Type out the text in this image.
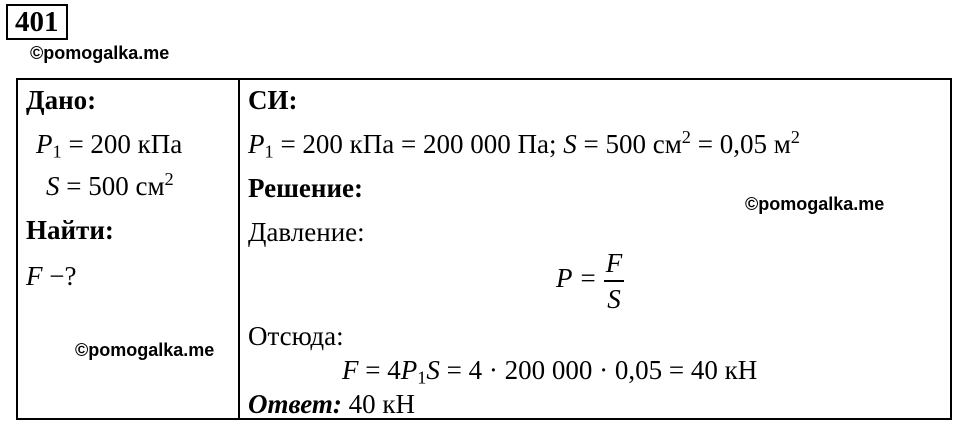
401
©pomogalka.me
Дано:
$P_1 = 200$ кПа
S = 500 $см^2$
Найти:
F −?
СИ:
$P_1 = 200$ кПа = 200 000 Па; S = 500 $см^2 = 0,05$ $м^2$
Решение:
Давление:
$P = \frac{F}{S}$
Отсюда:
$F = 4P_1S = 4 \cdot 200$ 000 · 0,05 = 40 кН
Ответ: 40 кН
©pomogalka.me
©pomogalka.me
